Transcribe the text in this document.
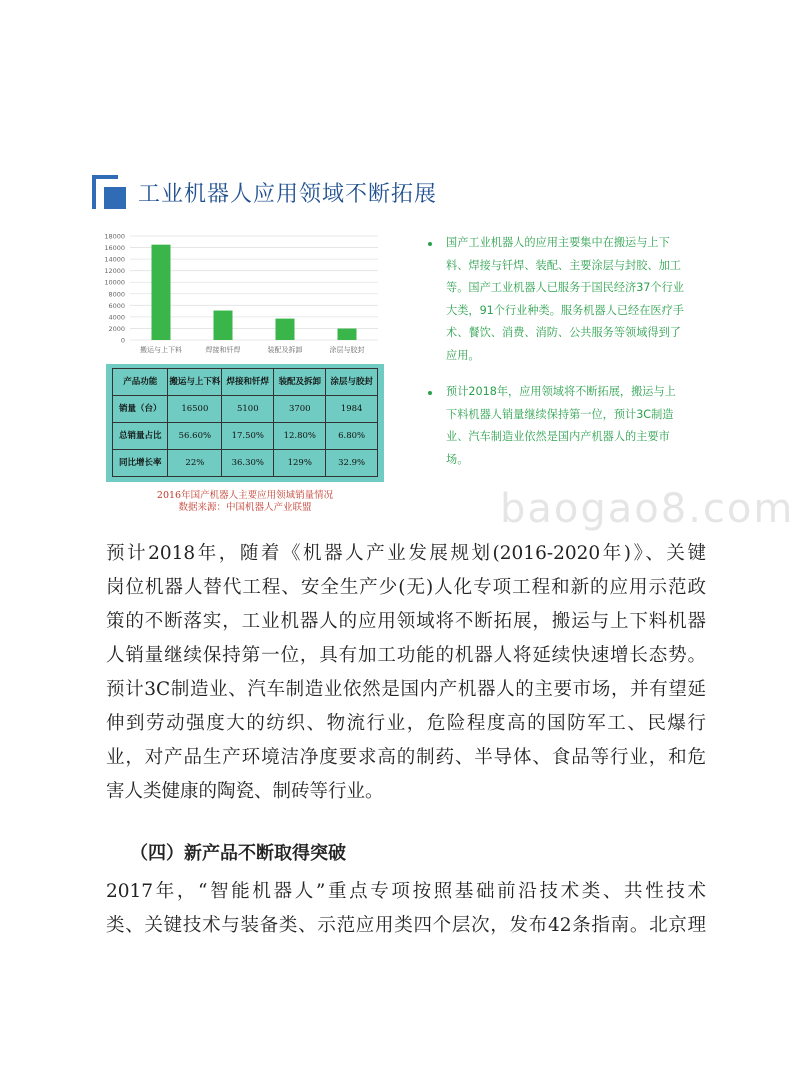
工业机器人应用领域不断拓展
0
2000
4000
6000
8000
10000
12000
14000
16000
18000
搬运与上下料	焊接和钎焊	装配及拆卸	涂层与胶封
产品功能	搬运与上下料	焊接和钎焊	装配及拆卸	涂层与胶封
销量（台）	16500	5100	3700	1984
总销量占比	56.60%	17.50%	12.80%	6.80%
同比增长率	22%	36.30%	129%	32.9%
2016年国产机器人主要应用领域销量情况
数据来源：中国机器人产业联盟
国产工业机器人的应用主要集中在搬运与上下料、焊接与钎焊、装配、主要涂层与封胶、加工等。国产工业机器人已服务于国民经济37个行业大类，91个行业种类。服务机器人已经在医疗手术、餐饮、消费、消防、公共服务等领域得到了应用。
预计2018年，应用领域将不断拓展，搬运与上下料机器人销量继续保持第一位，预计3C制造业、汽车制造业依然是国内产机器人的主要市场。
baogao8.com
预计2018年，随着《机器人产业发展规划(2016-2020年)》、关键
岗位机器人替代工程、安全生产少(无)人化专项工程和新的应用示范政
策的不断落实，工业机器人的应用领域将不断拓展，搬运与上下料机器
人销量继续保持第一位，具有加工功能的机器人将延续快速增长态势。
预计3C制造业、汽车制造业依然是国内产机器人的主要市场，并有望延
伸到劳动强度大的纺织、物流行业，危险程度高的国防军工、民爆行
业，对产品生产环境洁净度要求高的制药、半导体、食品等行业，和危
害人类健康的陶瓷、制砖等行业。
（四）新产品不断取得突破
2017年，“智能机器人”重点专项按照基础前沿技术类、共性技术
类、关键技术与装备类、示范应用类四个层次，发布42条指南。北京理
